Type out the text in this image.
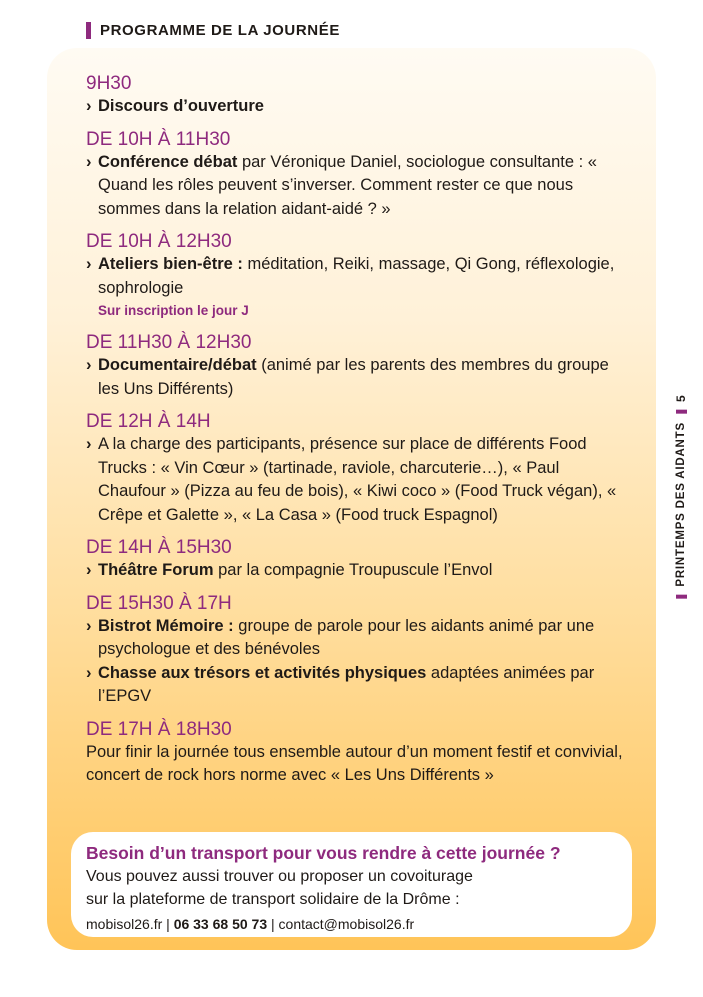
PROGRAMME DE LA JOURNÉE
9H30
› Discours d’ouverture
DE 10H À 11H30
› Conférence débat par Véronique Daniel, sociologue consultante : « Quand les rôles peuvent s’inverser. Comment rester ce que nous sommes dans la relation aidant-aidé ? »
DE 10H À 12H30
› Ateliers bien-être : méditation, Reiki, massage, Qi Gong, réflexologie, sophrologie
Sur inscription le jour J
DE 11H30 À 12H30
› Documentaire/débat (animé par les parents des membres du groupe les Uns Différents)
DE 12H À 14H
› A la charge des participants, présence sur place de différents Food Trucks : « Vin Cœur » (tartinade, raviole, charcuterie…), « Paul Chaufour » (Pizza au feu de bois), « Kiwi coco » (Food Truck végan), « Crêpe et Galette », « La Casa » (Food truck Espagnol)
DE 14H À 15H30
› Théâtre Forum par la compagnie Troupuscule l’Envol
DE 15H30 À 17H
› Bistrot Mémoire : groupe de parole pour les aidants animé par une psychologue et des bénévoles
› Chasse aux trésors et activités physiques adaptées animées par l’EPGV
DE 17H À 18H30
Pour finir la journée tous ensemble autour d’un moment festif et convivial, concert de rock hors norme avec « Les Uns Différents »
Besoin d’un transport pour vous rendre à cette journée ?
Vous pouvez aussi trouver ou proposer un covoiturage
sur la plateforme de transport solidaire de la Drôme :
mobisol26.fr | 06 33 68 50 73 | contact@mobisol26.fr
PRINTEMPS DES AIDANTS
5
